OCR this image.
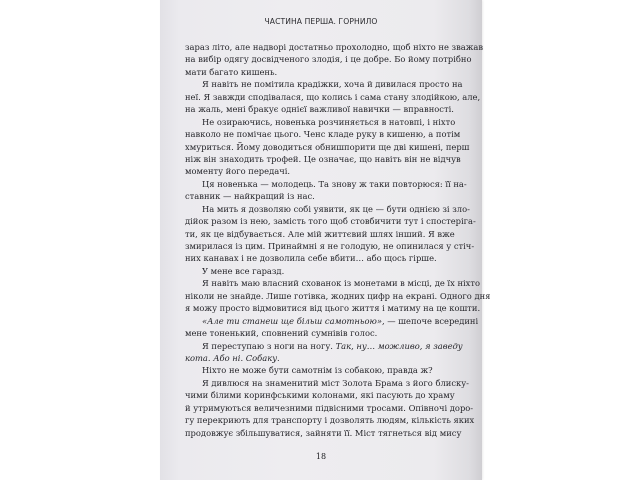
ЧАСТИНА ПЕРША. ГОРНИЛО
зараз літо, але надворі достатньо прохолодно, щоб ніхто не зважав
на вибір одягу досвідченого злодія, і це добре. Бо йому потрібно
мати багато кишень.
Я навіть не помітила крадіжки, хоча й дивилася просто на
неї. Я завжди сподівалася, що колись і сама стану злодійкою, але,
на жаль, мені бракує однієї важливої навички — вправності.
Не озираючись, новенька розчиняється в натовпі, і ніхто
навколо не помічає цього. Ченс кладе руку в кишеню, а потім
хмуриться. Йому доводиться обнишпорити ще дві кишені, перш
ніж він знаходить трофей. Це означає, що навіть він не відчув
моменту його передачі.
Ця новенька — молодець. Та знову ж таки повторюся: її на-
ставник — найкращий із нас.
На мить я дозволяю собі уявити, як це — бути однією зі зло-
дійок разом із нею, замість того щоб стовбичити тут і спостеріга-
ти, як це відбувається. Але мій життєвий шлях інший. Я вже
змирилася із цим. Принаймні я не голодую, не опинилася у стіч-
них канавах і не дозволила себе вбити… або щось гірше.
У мене все гаразд.
Я навіть маю власний схованок із монетами в місці, де їх ніхто
ніколи не знайде. Лише готівка, жодних цифр на екрані. Одного дня
я можу просто відмовитися від цього життя і матиму на це кошти.
«Але ти станеш ще більш самотньою», — шепоче всередині
мене тоненький, сповнений сумнівів голос.
Я переступаю з ноги на ногу. Так, ну… можливо, я заведу
кота. Або ні. Собаку.
Ніхто не може бути самотнім із собакою, правда ж?
Я дивлюся на знаменитий міст Золота Брама з його блиску-
чими білими коринфськими колонами, які пасують до храму
й утримуються величезними підвісними тросами. Опівночі доро-
гу перекриють для транспорту і дозволять людям, кількість яких
продовжує збільшуватися, зайняти її. Міст тягнеться від мису
18
